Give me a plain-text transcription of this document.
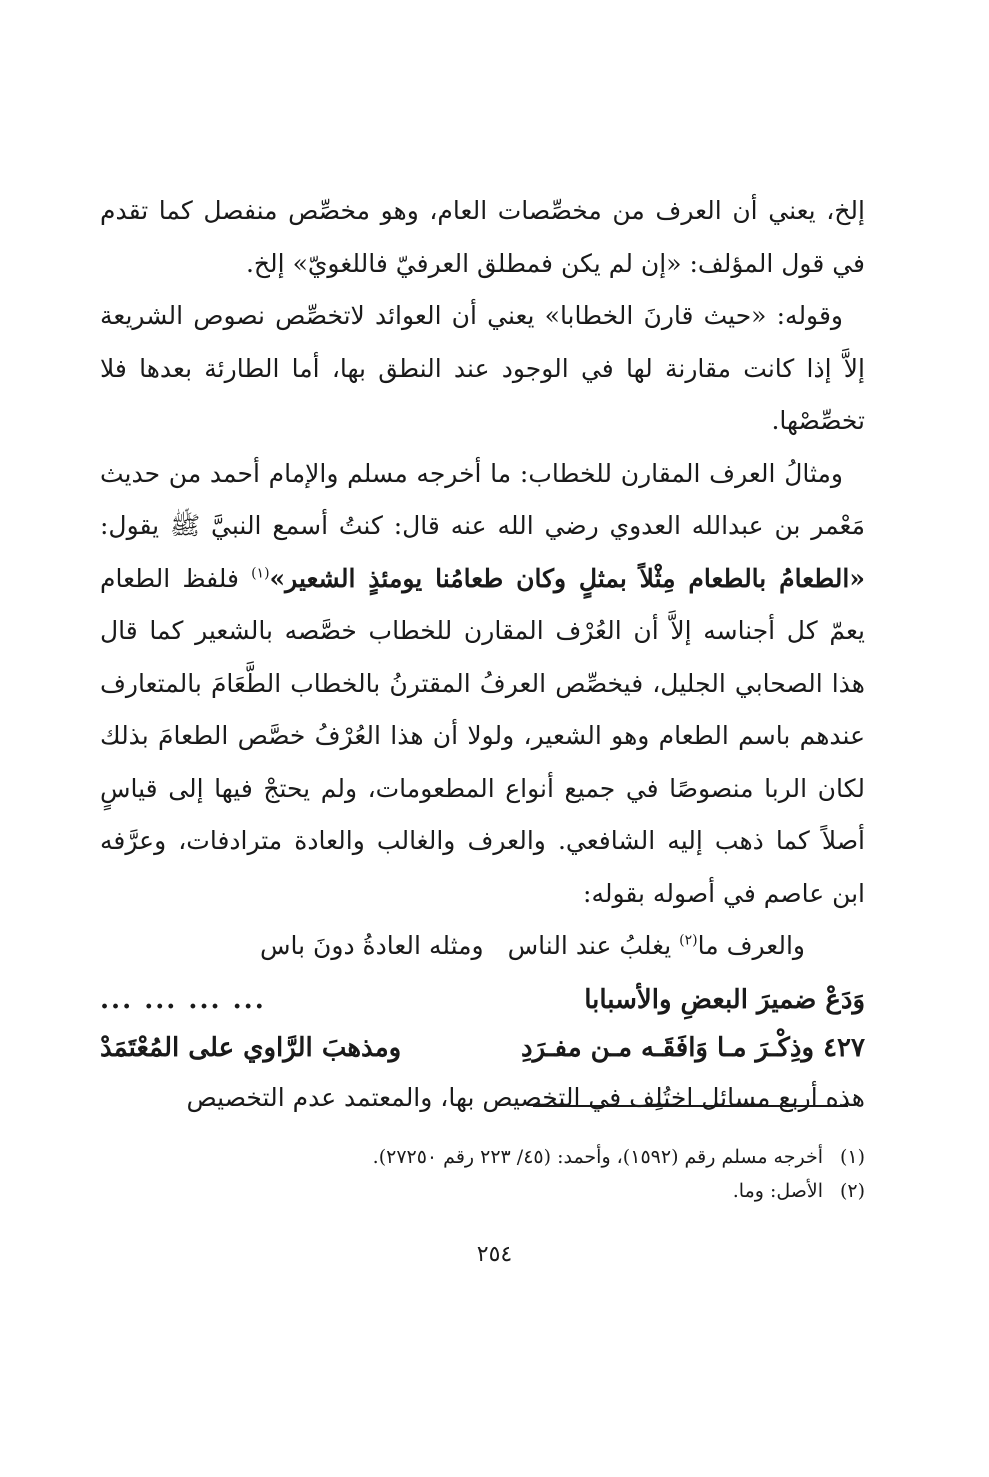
إلخ، يعني أن العرف من مخصِّصات العام، وهو مخصِّص منفصل كما تقدم في قول المؤلف: «إن لم يكن فمطلق العرفيّ فاللغويّ» إلخ.

وقوله: «حيث قارنَ الخطابا» يعني أن العوائد لاتخصِّص نصوص الشريعة إلاَّ إذا كانت مقارنة لها في الوجود عند النطق بها، أما الطارئة بعدها فلا تخصِّصْها.

ومثالُ العرف المقارن للخطاب: ما أخرجه مسلم والإمام أحمد من حديث مَعْمر بن عبدالله العدوي رضي الله عنه قال: كنتُ أسمع النبيَّ ﷺ يقول: «الطعامُ بالطعام مِثْلاً بمثلٍ وكان طعامُنا يومئذٍ الشعير»$^{(١)}$ فلفظ الطعام يعمّ كل أجناسه إلاَّ أن العُرْف المقارن للخطاب خصَّصه بالشعير كما قال هذا الصحابي الجليل، فيخصِّص العرفُ المقترنُ بالخطاب الطَّعَامَ بالمتعارف عندهم باسم الطعام وهو الشعير، ولولا أن هذا العُرْفُ خصَّص الطعامَ بذلك لكان الربا منصوصًا في جميع أنواع المطعومات، ولم يحتجْ فيها إلى قياسٍ أصلاً كما ذهب إليه الشافعي. والعرف والغالب والعادة مترادفات، وعرَّفه ابن عاصم في أصوله بقوله:

والعرف ما$^{(٢)}$ يغلبُ عند الناسومثله العادةُ دونَ باس

وَدَعْ ضميرَ البعضِ والأسبابا
... ... ... ...
٤٢٧ وذِكْـرَ مـا وَافَقَـه مـن مفـرَدِ
ومذهبَ الرَّاوي على المُعْتَمَدْ

هذه أربع مسائل اختُلِف في التخصيص بها، والمعتمد عدم التخصيص

(١)أخرجه مسلم رقم (١٥٩٢)، وأحمد: (٤٥/ ٢٢٣ رقم ٢٧٢٥٠).

(٢)الأصل: وما.

٢٥٤
